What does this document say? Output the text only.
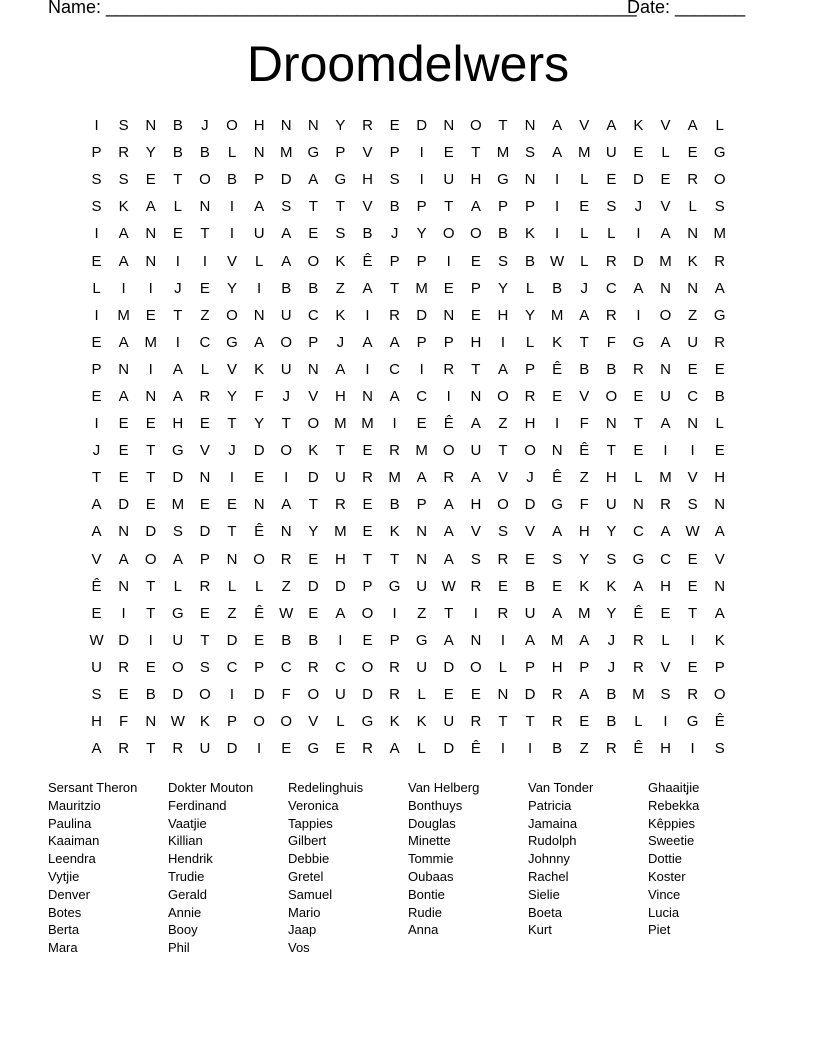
Name: _____________________________________________________
Date: _______
Droomdelwers
I	S	N	B	J	O	H	N	N	Y	R	E	D	N	O	T	N	A	V	A	K	V	A	L
P	R	Y	B	B	L	N	M	G	P	V	P	I	E	T	M	S	A	M	U	E	L	E	G
S	S	E	T	O	B	P	D	A	G	H	S	I	U	H	G	N	I	L	E	D	E	R	O
S	K	A	L	N	I	A	S	T	T	V	B	P	T	A	P	P	I	E	S	J	V	L	S
I	A	N	E	T	I	U	A	E	S	B	J	Y	O	O	B	K	I	L	L	I	A	N	M
E	A	N	I	I	V	L	A	O	K	Ê	P	P	I	E	S	B	W	L	R	D	M	K	R
L	I	I	J	E	Y	I	B	B	Z	A	T	M	E	P	Y	L	B	J	C	A	N	N	A
I	M	E	T	Z	O	N	U	C	K	I	R	D	N	E	H	Y	M	A	R	I	O	Z	G
E	A	M	I	C	G	A	O	P	J	A	A	P	P	H	I	L	K	T	F	G	A	U	R
P	N	I	A	L	V	K	U	N	A	I	C	I	R	T	A	P	Ê	B	B	R	N	E	E
E	A	N	A	R	Y	F	J	V	H	N	A	C	I	N	O	R	E	V	O	E	U	C	B
I	E	E	H	E	T	Y	T	O	M M	I	E	Ê	A	Z	H	I	F	N	T	A	N	L
J	E	T	G	V	J	D	O	K	T	E	R	M	O	U	T	O	N	Ê	T	E	I	I	E
T	E	T	D	N	I	E	I	D	U	R	M	A	R	A	V	J	Ê	Z	H	L	M	V	H
A	D	E	M	E	E	N	A	T	R	E	B	P	A	H	O	D	G	F	U	N	R	S	N
A	N	D	S	D	T	Ê	N	Y	M	E	K	N	A	V	S	V	A	H	Y	C	A	W	A
V	A	O	A	P	N	O	R	E	H	T	T	N	A	S	R	E	S	Y	S	G	C	E	V
Ê	N	T	L	R	L	L	Z	D	D	P	G	U W R	E	B	E	K	K	A	H	E	N
E	I	T	G	E	Z	Ê	W	E	A	O	I	Z	T	I	R	U	A	M	Y	Ê	E	T	A
W D	I	U	T	D	E	B	B	I	E	P	G	A	N	I	A	M	A	J	R	L	I	K
U	R	E	O	S	C	P	C	R	C	O	R	U	D	O	L	P	H	P	J	R	V	E	P
S	E	B	D	O	I	D	F	O	U	D	R	L	E	E	N	D	R	A	B	M	S	R	O
H	F	N W	K	P	O	O	V	L	G	K	K	U	R	T	T	R	E	B	L	I	G	Ê
A	R	T	R	U	D	I	E	G	E	R	A	L	D	Ê	I	I	B	Z	R	Ê	H	I	S
Sersant Theron
Mauritzio
Paulina
Kaaiman
Leendra
Vytjie
Denver
Botes
Berta
Mara
Dokter Mouton
Ferdinand
Vaatjie
Killian
Hendrik
Trudie
Gerald
Annie
Booy
Phil
Redelinghuis
Veronica
Tappies
Gilbert
Debbie
Gretel
Samuel
Mario
Jaap
Vos
Van Helberg
Bonthuys
Douglas
Minette
Tommie
Oubaas
Bontie
Rudie
Anna
Van Tonder
Patricia
Jamaina
Rudolph
Johnny
Rachel
Sielie
Boeta
Kurt
Ghaaitjie
Rebekka
Kêppies
Sweetie
Dottie
Koster
Vince
Lucia
Piet
